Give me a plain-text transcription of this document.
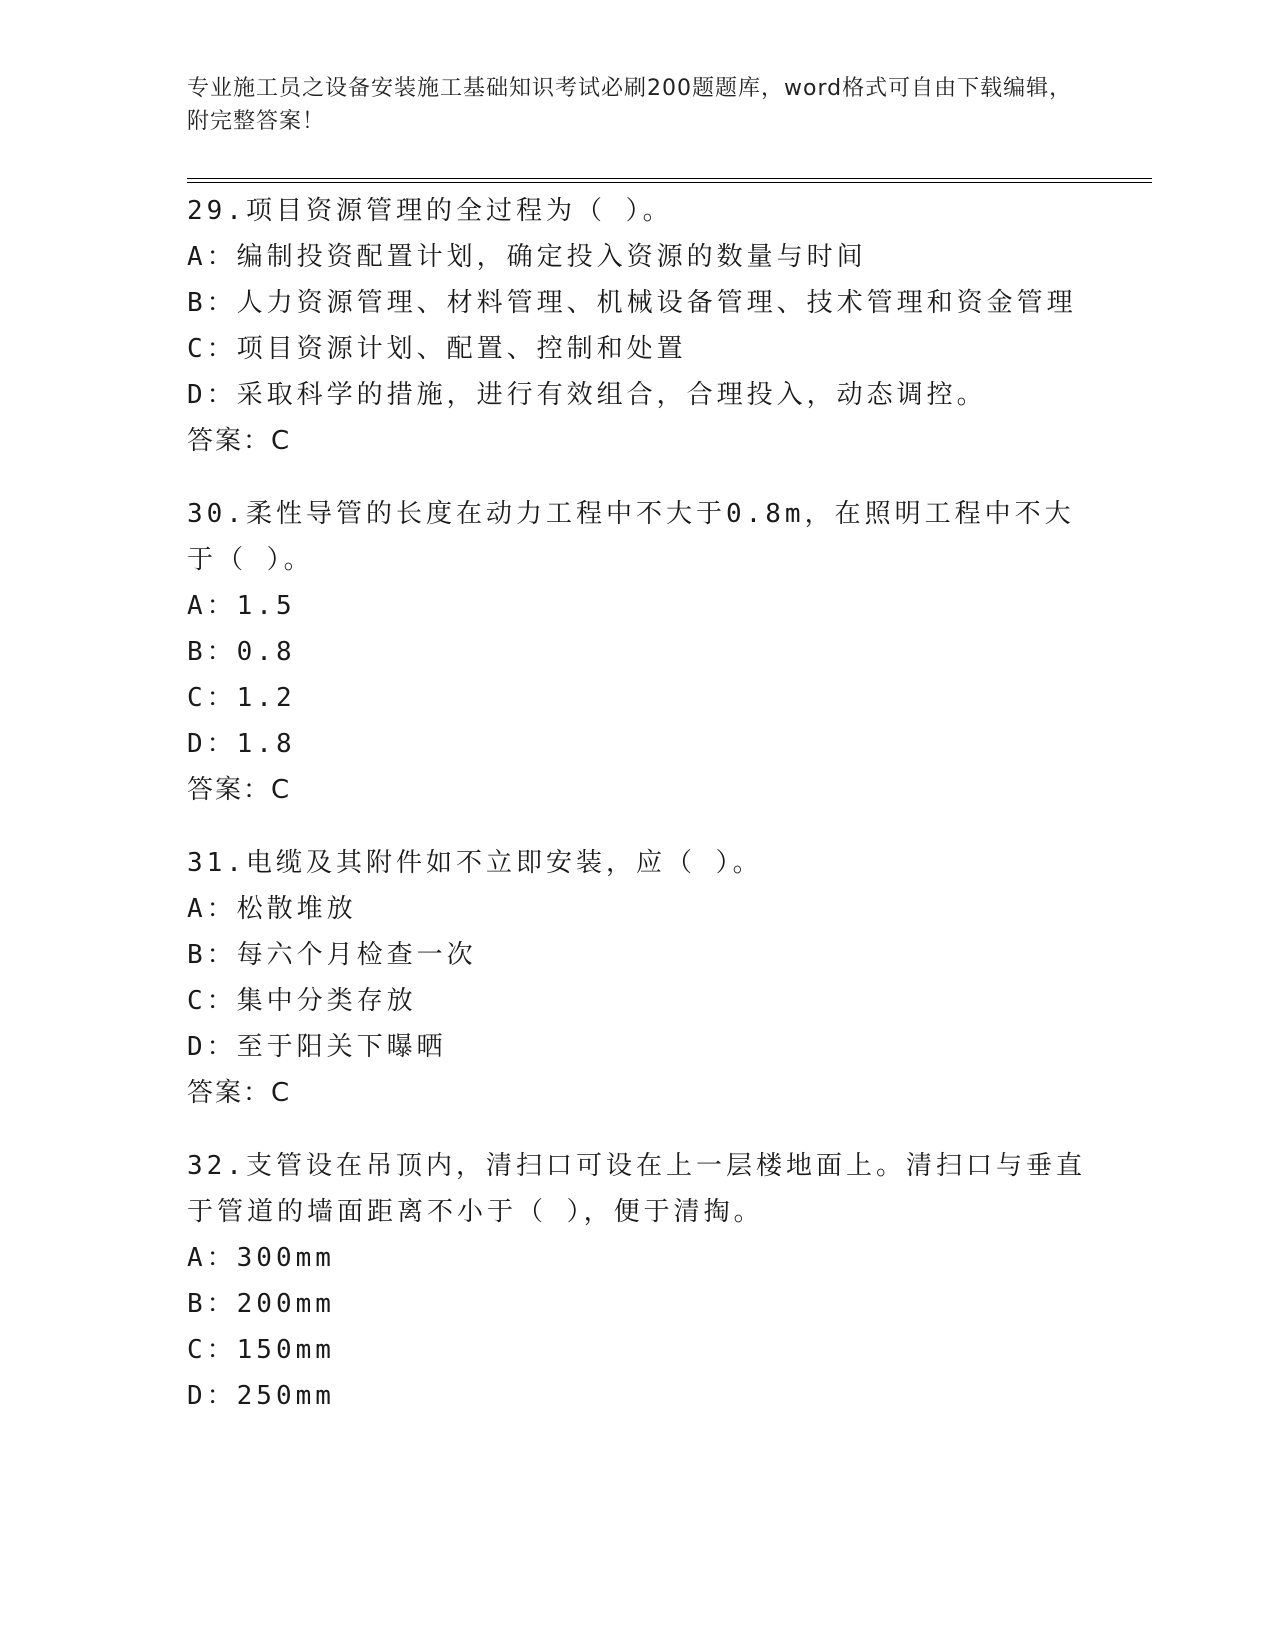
专业施工员之设备安装施工基础知识考试必刷200题题库，word格式可自由下载编辑，附完整答案！
29.项目资源管理的全过程为（ ）。
A：编制投资配置计划，确定投入资源的数量与时间
B：人力资源管理、材料管理、机械设备管理、技术管理和资金管理
C：项目资源计划、配置、控制和处置
D：采取科学的措施，进行有效组合，合理投入，动态调控。
答案：C
30.柔性导管的长度在动力工程中不大于0.8m，在照明工程中不大于（ ）。
A：1.5
B：0.8
C：1.2
D：1.8
答案：C
31.电缆及其附件如不立即安装，应（ ）。
A：松散堆放
B：每六个月检查一次
C：集中分类存放
D：至于阳关下曝晒
答案：C
32.支管设在吊顶内，清扫口可设在上一层楼地面上。清扫口与垂直于管道的墙面距离不小于（ ），便于清掏。
A：300mm
B：200mm
C：150mm
D：250mm
